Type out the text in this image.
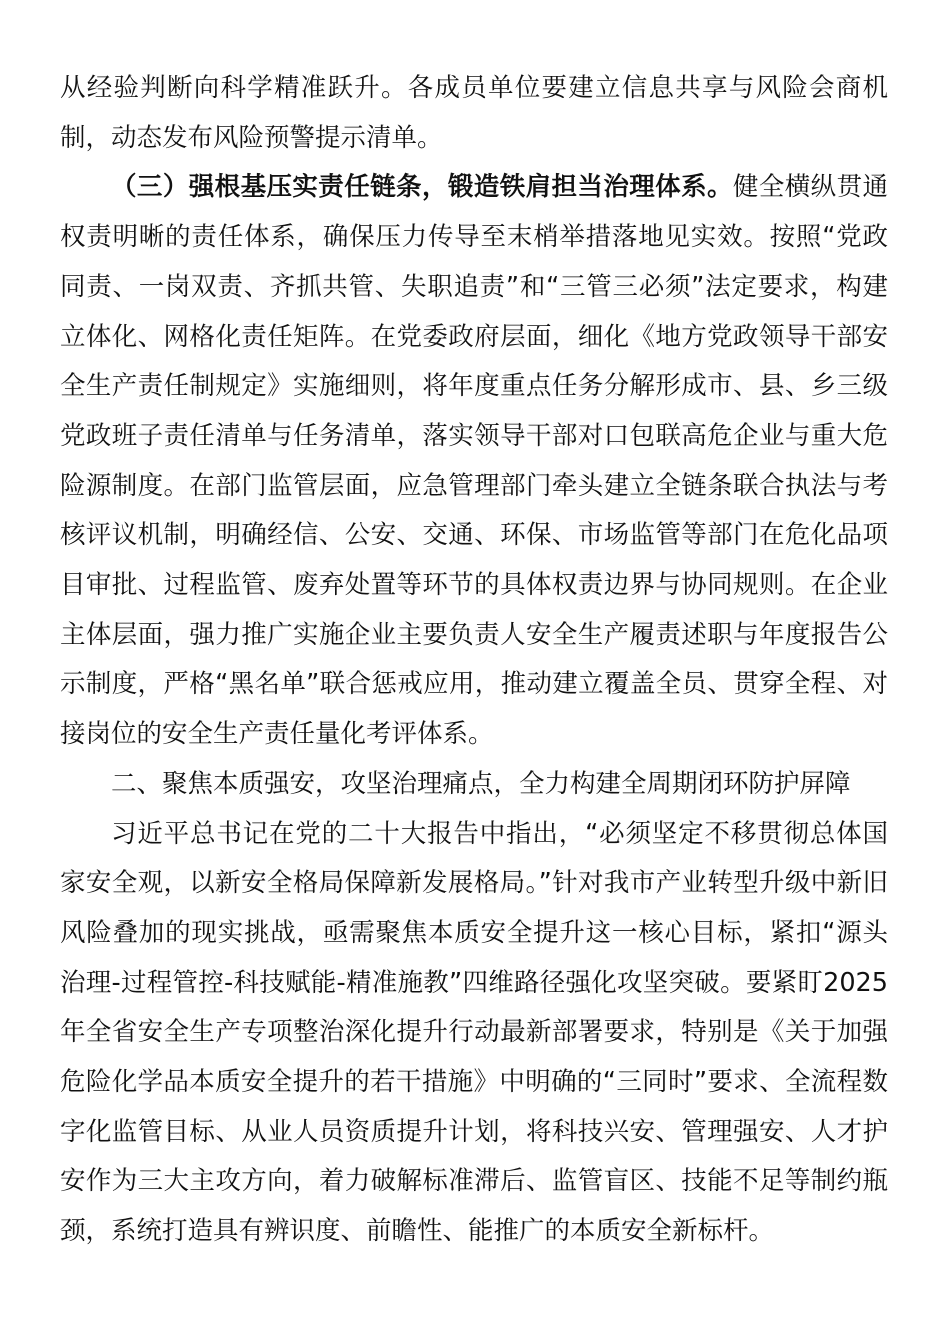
从经验判断向科学精准跃升。各成员单位要建立信息共享与风险会商机制，动态发布风险预警提示清单。

（三）强根基压实责任链条，锻造铁肩担当治理体系。健全横纵贯通权责明晰的责任体系，确保压力传导至末梢举措落地见实效。按照“党政同责、一岗双责、齐抓共管、失职追责”和“三管三必须”法定要求，构建立体化、网格化责任矩阵。在党委政府层面，细化《地方党政领导干部安全生产责任制规定》实施细则，将年度重点任务分解形成市、县、乡三级党政班子责任清单与任务清单，落实领导干部对口包联高危企业与重大危险源制度。在部门监管层面，应急管理部门牵头建立全链条联合执法与考核评议机制，明确经信、公安、交通、环保、市场监管等部门在危化品项目审批、过程监管、废弃处置等环节的具体权责边界与协同规则。在企业主体层面，强力推广实施企业主要负责人安全生产履责述职与年度报告公示制度，严格“黑名单”联合惩戒应用，推动建立覆盖全员、贯穿全程、对接岗位的安全生产责任量化考评体系。

二、聚焦本质强安，攻坚治理痛点，全力构建全周期闭环防护屏障

习近平总书记在党的二十大报告中指出，“必须坚定不移贯彻总体国家安全观，以新安全格局保障新发展格局。”针对我市产业转型升级中新旧风险叠加的现实挑战，亟需聚焦本质安全提升这一核心目标，紧扣“源头治理-过程管控-科技赋能-精准施教”四维路径强化攻坚突破。要紧盯2025年全省安全生产专项整治深化提升行动最新部署要求，特别是《关于加强危险化学品本质安全提升的若干措施》中明确的“三同时”要求、全流程数字化监管目标、从业人员资质提升计划，将科技兴安、管理强安、人才护安作为三大主攻方向，着力破解标准滞后、监管盲区、技能不足等制约瓶颈，系统打造具有辨识度、前瞻性、能推广的本质安全新标杆。
